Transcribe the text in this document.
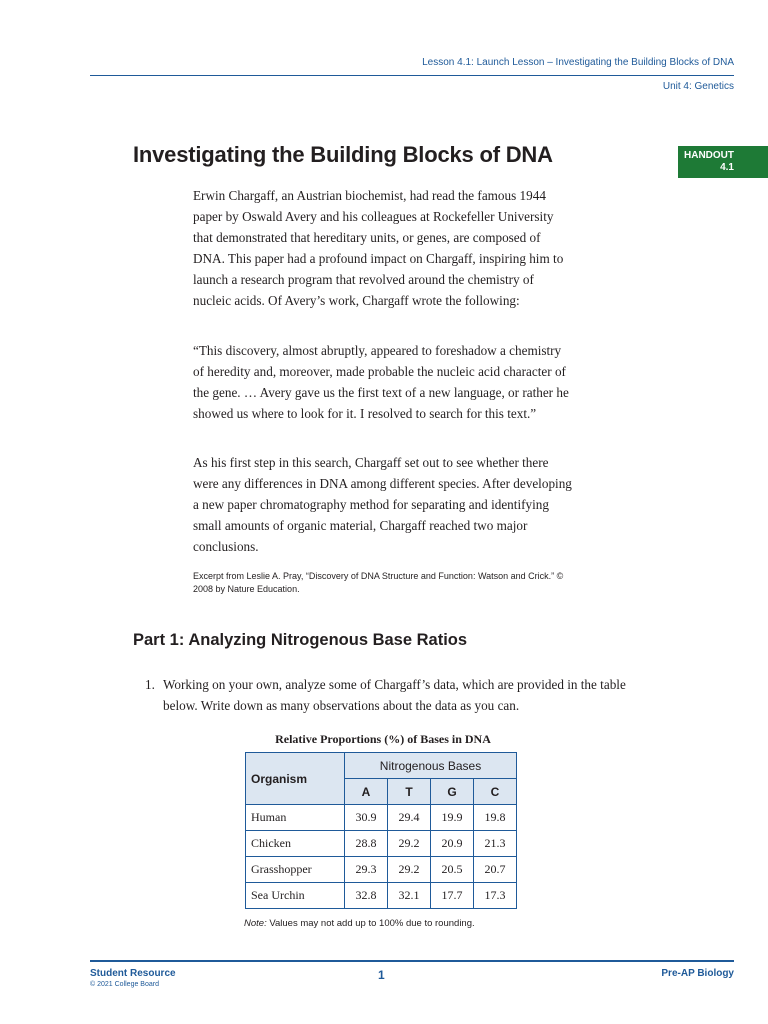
Lesson 4.1: Launch Lesson – Investigating the Building Blocks of DNA
Unit 4: Genetics
Investigating the Building Blocks of DNA	HANDOUT
4.1

Erwin Chargaff, an Austrian biochemist, had read the famous 1944 paper by Oswald Avery and his colleagues at Rockefeller University that demonstrated that hereditary units, or genes, are composed of DNA. This paper had a profound impact on Chargaff, inspiring him to launch a research program that revolved around the chemistry of nucleic acids. Of Avery’s work, Chargaff wrote the following:

“This discovery, almost abruptly, appeared to foreshadow a chemistry of heredity and, moreover, made probable the nucleic acid character of the gene. … Avery gave us the first text of a new language, or rather he showed us where to look for it. I resolved to search for this text.”

As his first step in this search, Chargaff set out to see whether there were any differences in DNA among different species. After developing a new paper chromatography method for separating and identifying small amounts of organic material, Chargaff reached two major conclusions.

Excerpt from Leslie A. Pray, “Discovery of DNA Structure and Function: Watson and Crick.” © 2008 by Nature Education.

Part 1: Analyzing Nitrogenous Base Ratios
1. Working on your own, analyze some of Chargaff’s data, which are provided in the table below. Write down as many observations about the data as you can.

Relative Proportions (%) of Bases in DNA
Organism	Nitrogenous Bases			
	A	T	G	C
Human	30.9	29.4	19.9	19.8
Chicken	28.8	29.2	20.9	21.3
Grasshopper	29.3	29.2	20.5	20.7
Sea Urchin	32.8	32.1	17.7	17.3
Note: Values may not add up to 100% due to rounding.
Student Resource
© 2021 College Board
1	Pre-AP Biology
